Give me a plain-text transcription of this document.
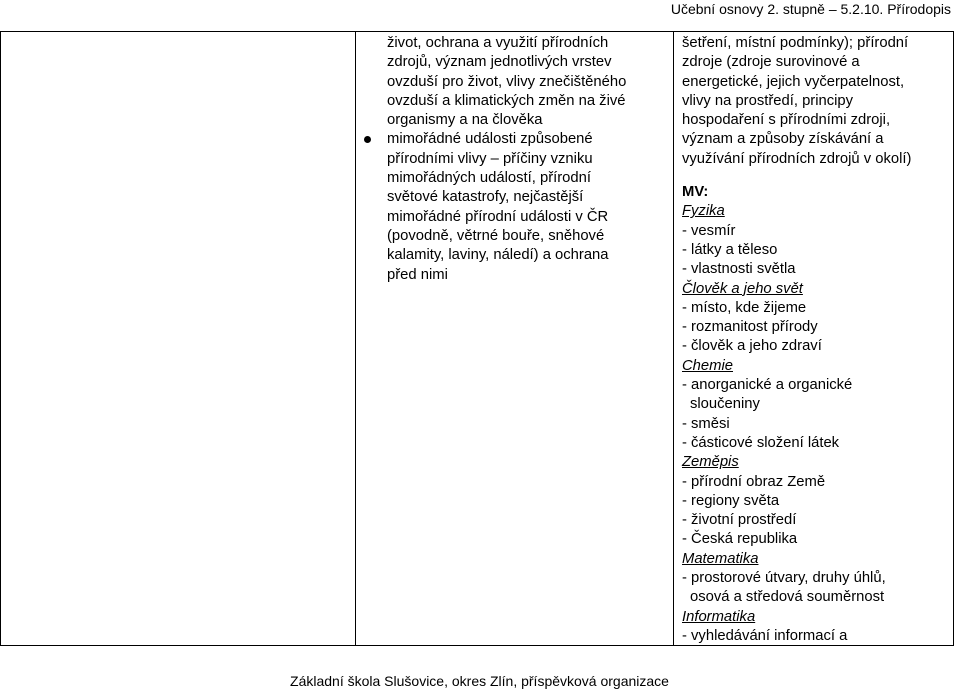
Učební osnovy 2. stupně – 5.2.10. Přírodopis
život, ochrana a využití přírodních
zdrojů, význam jednotlivých vrstev
ovzduší pro život, vlivy znečištěného
ovzduší a klimatických změn na živé
organismy a na člověka
mimořádné události způsobené
přírodními vlivy – příčiny vzniku
mimořádných událostí, přírodní
světové katastrofy, nejčastější
mimořádné přírodní události v ČR
(povodně, větrné bouře, sněhové
kalamity, laviny, náledí) a ochrana
před nimi
šetření, místní podmínky); přírodní
zdroje (zdroje surovinové a
energetické, jejich vyčerpatelnost,
vlivy na prostředí, principy
hospodaření s přírodními zdroji,
význam a způsoby získávání a
využívání přírodních zdrojů v okolí)
MV:
Fyzika
- vesmír
- látky a těleso
- vlastnosti světla
Člověk a jeho svět
- místo, kde žijeme
- rozmanitost přírody
- člověk a jeho zdraví
Chemie
- anorganické a organické
sloučeniny
- směsi
- částicové složení látek
Zeměpis
- přírodní obraz Země
- regiony světa
- životní prostředí
- Česká republika
Matematika
- prostorové útvary, druhy úhlů,
osová a středová souměrnost
Informatika
- vyhledávání informací a
Základní škola Slušovice, okres Zlín, příspěvková organizace
